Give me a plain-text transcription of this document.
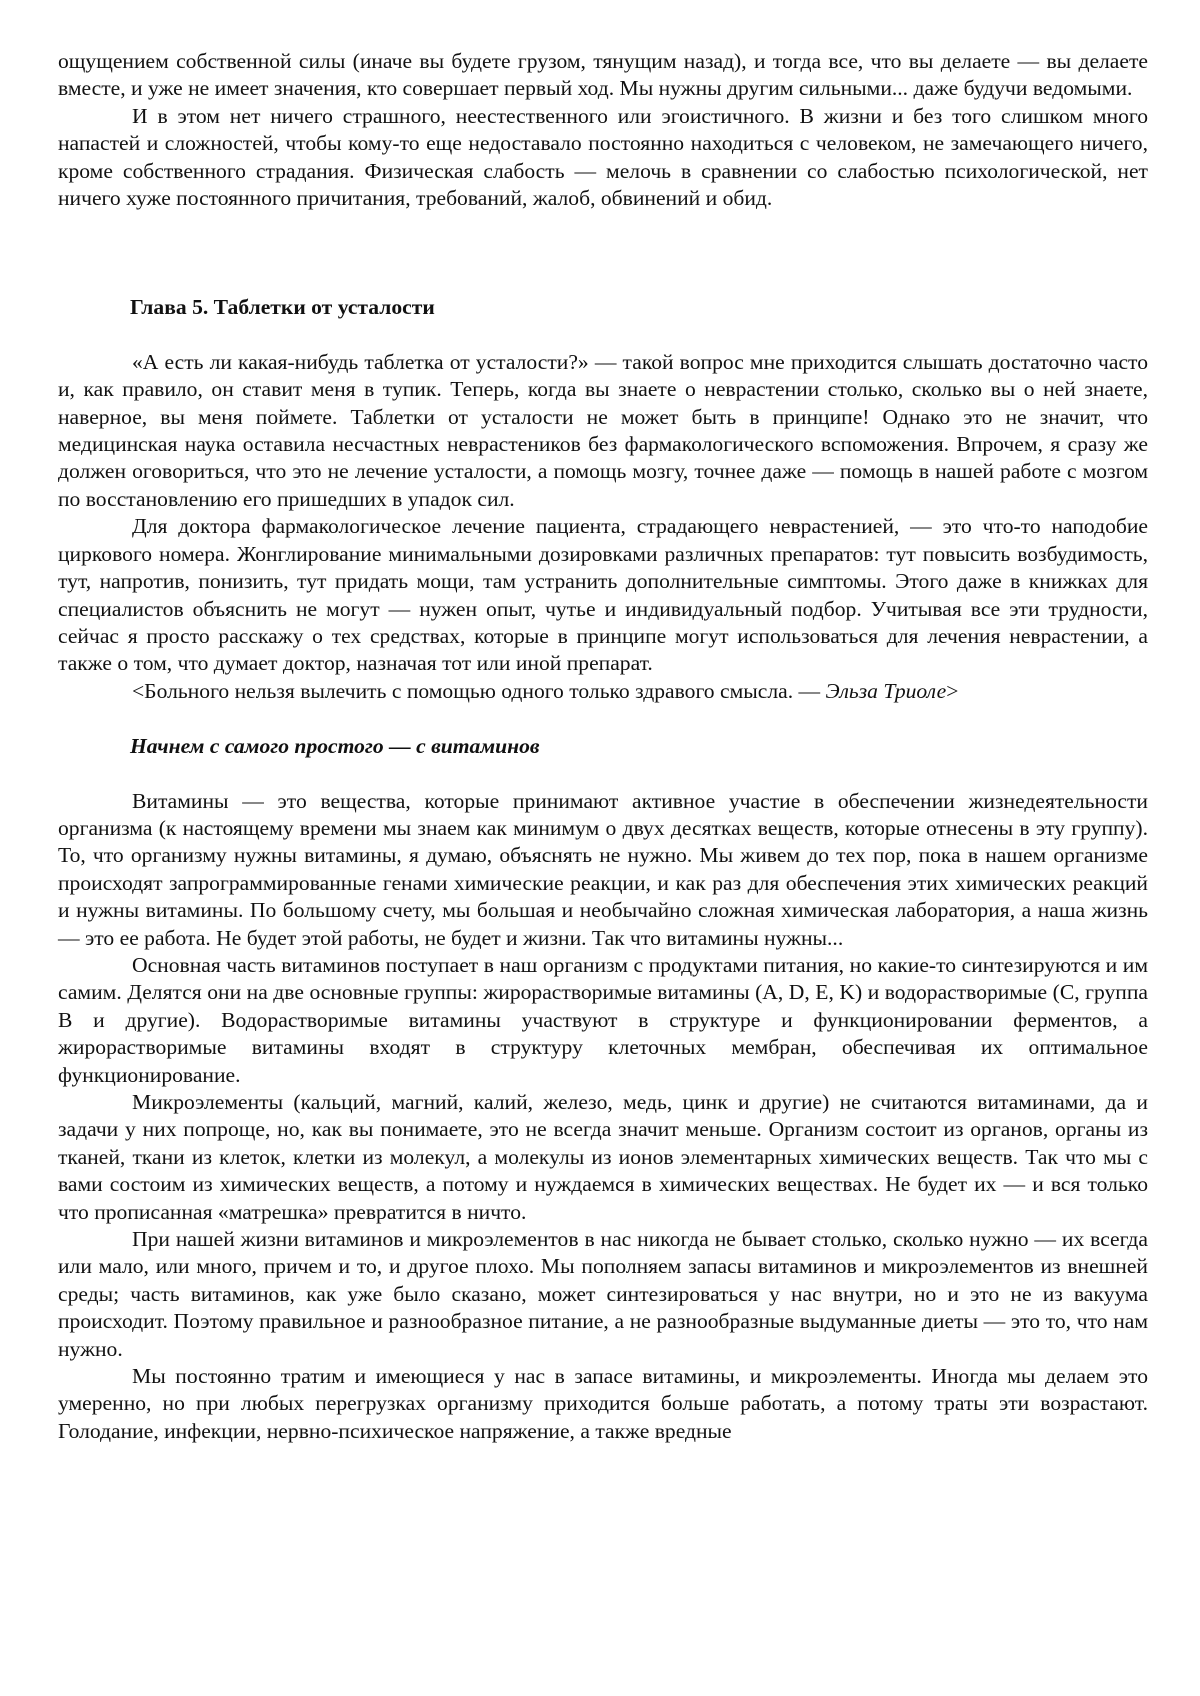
ощущением собственной силы (иначе вы будете грузом, тянущим назад), и тогда все, что вы делаете — вы делаете вместе, и уже не имеет значения, кто совершает первый ход. Мы нужны другим сильными... даже будучи ведомыми.

И в этом нет ничего страшного, неестественного или эгоистичного. В жизни и без того слишком много напастей и сложностей, чтобы кому-то еще недоставало постоянно находиться с человеком, не замечающего ничего, кроме собственного страдания. Физическая слабость — мелочь в сравнении со слабостью психологической, нет ничего хуже постоянного причитания, требований, жалоб, обвинений и обид.

Глава 5. Таблетки от усталости

«А есть ли какая-нибудь таблетка от усталости?» — такой вопрос мне приходится слышать достаточно часто и, как правило, он ставит меня в тупик. Теперь, когда вы знаете о неврастении столько, сколько вы о ней знаете, наверное, вы меня поймете. Таблетки от усталости не может быть в принципе! Однако это не значит, что медицинская наука оставила несчастных неврастеников без фармакологического вспоможения. Впрочем, я сразу же должен оговориться, что это не лечение усталости, а помощь мозгу, точнее даже — помощь в нашей работе с мозгом по восстановлению его пришедших в упадок сил.

Для доктора фармакологическое лечение пациента, страдающего неврастенией, — это что-то наподобие циркового номера. Жонглирование минимальными дозировками различных препаратов: тут повысить возбудимость, тут, напротив, понизить, тут придать мощи, там устранить дополнительные симптомы. Этого даже в книжках для специалистов объяснить не могут — нужен опыт, чутье и индивидуальный подбор. Учитывая все эти трудности, сейчас я просто расскажу о тех средствах, которые в принципе могут использоваться для лечения неврастении, а также о том, что думает доктор, назначая тот или иной препарат.

<Больного нельзя вылечить с помощью одного только здравого смысла. — Эльза Триоле>

Начнем с самого простого — с витаминов

Витамины — это вещества, которые принимают активное участие в обеспечении жизнедеятельности организма (к настоящему времени мы знаем как минимум о двух десятках веществ, которые отнесены в эту группу). То, что организму нужны витамины, я думаю, объяснять не нужно. Мы живем до тех пор, пока в нашем организме происходят запрограммированные генами химические реакции, и как раз для обеспечения этих химических реакций и нужны витамины. По большому счету, мы большая и необычайно сложная химическая лаборатория, а наша жизнь — это ее работа. Не будет этой работы, не будет и жизни. Так что витамины нужны...

Основная часть витаминов поступает в наш организм с продуктами питания, но какие-то синтезируются и им самим. Делятся они на две основные группы: жирорастворимые витамины (A, D, E, K) и водорастворимые (C, группа B и другие). Водорастворимые витамины участвуют в структуре и функционировании ферментов, а жирорастворимые витамины входят в структуру клеточных мембран, обеспечивая их оптимальное функционирование.

Микроэлементы (кальций, магний, калий, железо, медь, цинк и другие) не считаются витаминами, да и задачи у них попроще, но, как вы понимаете, это не всегда значит меньше. Организм состоит из органов, органы из тканей, ткани из клеток, клетки из молекул, а молекулы из ионов элементарных химических веществ. Так что мы с вами состоим из химических веществ, а потому и нуждаемся в химических веществах. Не будет их — и вся только что прописанная «матрешка» превратится в ничто.

При нашей жизни витаминов и микроэлементов в нас никогда не бывает столько, сколько нужно — их всегда или мало, или много, причем и то, и другое плохо. Мы пополняем запасы витаминов и микроэлементов из внешней среды; часть витаминов, как уже было сказано, может синтезироваться у нас внутри, но и это не из вакуума происходит. Поэтому правильное и разнообразное питание, а не разнообразные выдуманные диеты — это то, что нам нужно.

Мы постоянно тратим и имеющиеся у нас в запасе витамины, и микроэлементы. Иногда мы делаем это умеренно, но при любых перегрузках организму приходится больше работать, а потому траты эти возрастают. Голодание, инфекции, нервно-психическое напряжение, а также вредные
